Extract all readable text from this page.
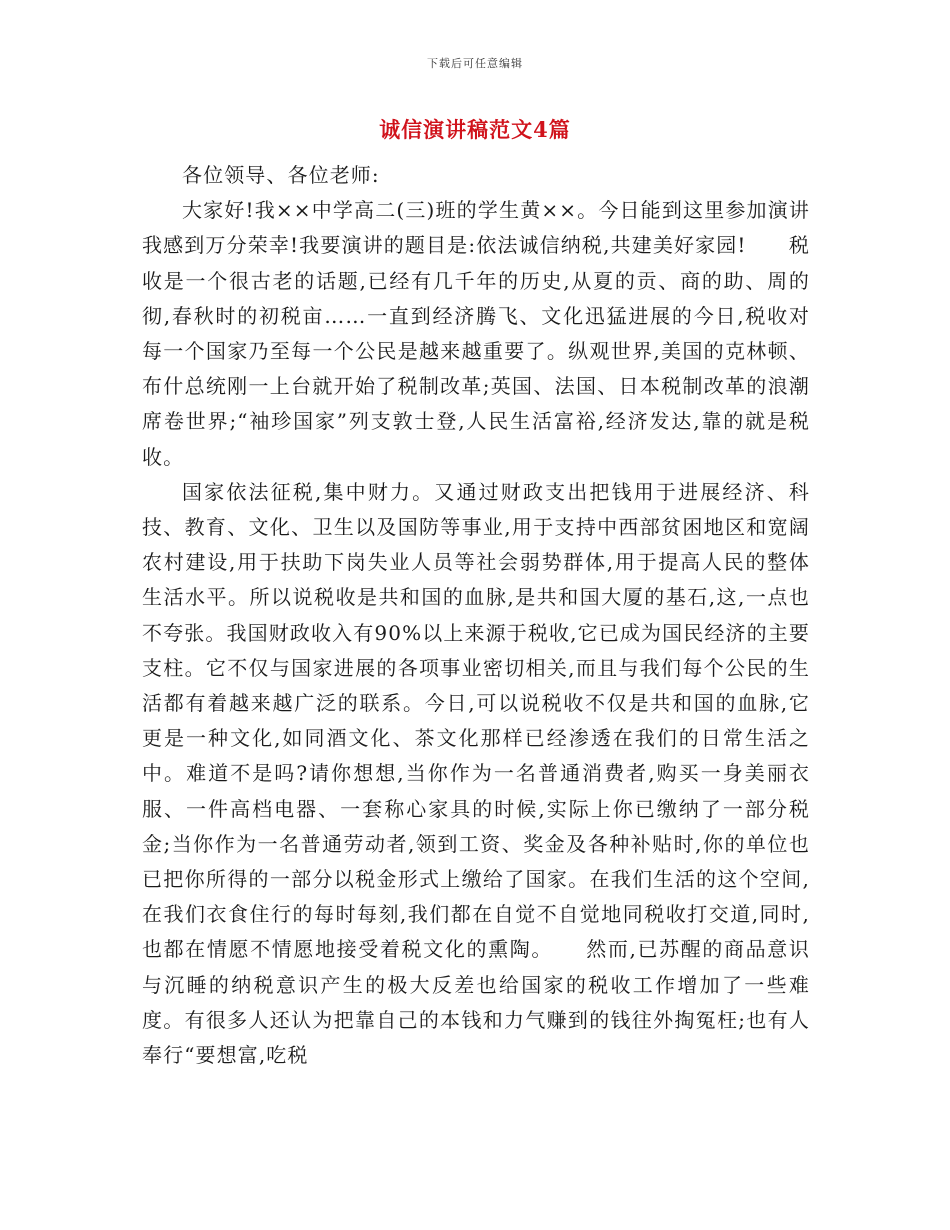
下载后可任意编辑
诚信演讲稿范文4篇

各位领导、各位老师:

大家好!我××中学高二(三)班的学生黄××。今日能到这里参加演讲我感到万分荣幸!我要演讲的题目是:依法诚信纳税,共建美好家园!　　税收是一个很古老的话题,已经有几千年的历史,从夏的贡、商的助、周的彻,春秋时的初税亩……一直到经济腾飞、文化迅猛进展的今日,税收对每一个国家乃至每一个公民是越来越重要了。纵观世界,美国的克林顿、布什总统刚一上台就开始了税制改革;英国、法国、日本税制改革的浪潮席卷世界;“袖珍国家”列支敦士登,人民生活富裕,经济发达,靠的就是税收。

国家依法征税,集中财力。又通过财政支出把钱用于进展经济、科技、教育、文化、卫生以及国防等事业,用于支持中西部贫困地区和宽阔农村建设,用于扶助下岗失业人员等社会弱势群体,用于提高人民的整体生活水平。所以说税收是共和国的血脉,是共和国大厦的基石,这,一点也不夸张。我国财政收入有90%以上来源于税收,它已成为国民经济的主要支柱。它不仅与国家进展的各项事业密切相关,而且与我们每个公民的生活都有着越来越广泛的联系。今日,可以说税收不仅是共和国的血脉,它更是一种文化,如同酒文化、茶文化那样已经渗透在我们的日常生活之中。难道不是吗?请你想想,当你作为一名普通消费者,购买一身美丽衣服、一件高档电器、一套称心家具的时候,实际上你已缴纳了一部分税金;当你作为一名普通劳动者,领到工资、奖金及各种补贴时,你的单位也已把你所得的一部分以税金形式上缴给了国家。在我们生活的这个空间,在我们衣食住行的每时每刻,我们都在自觉不自觉地同税收打交道,同时,也都在情愿不情愿地接受着税文化的熏陶。　　然而,已苏醒的商品意识与沉睡的纳税意识产生的极大反差也给国家的税收工作增加了一些难度。有很多人还认为把靠自己的本钱和力气赚到的钱往外掏冤枉;也有人奉行“要想富,吃税
